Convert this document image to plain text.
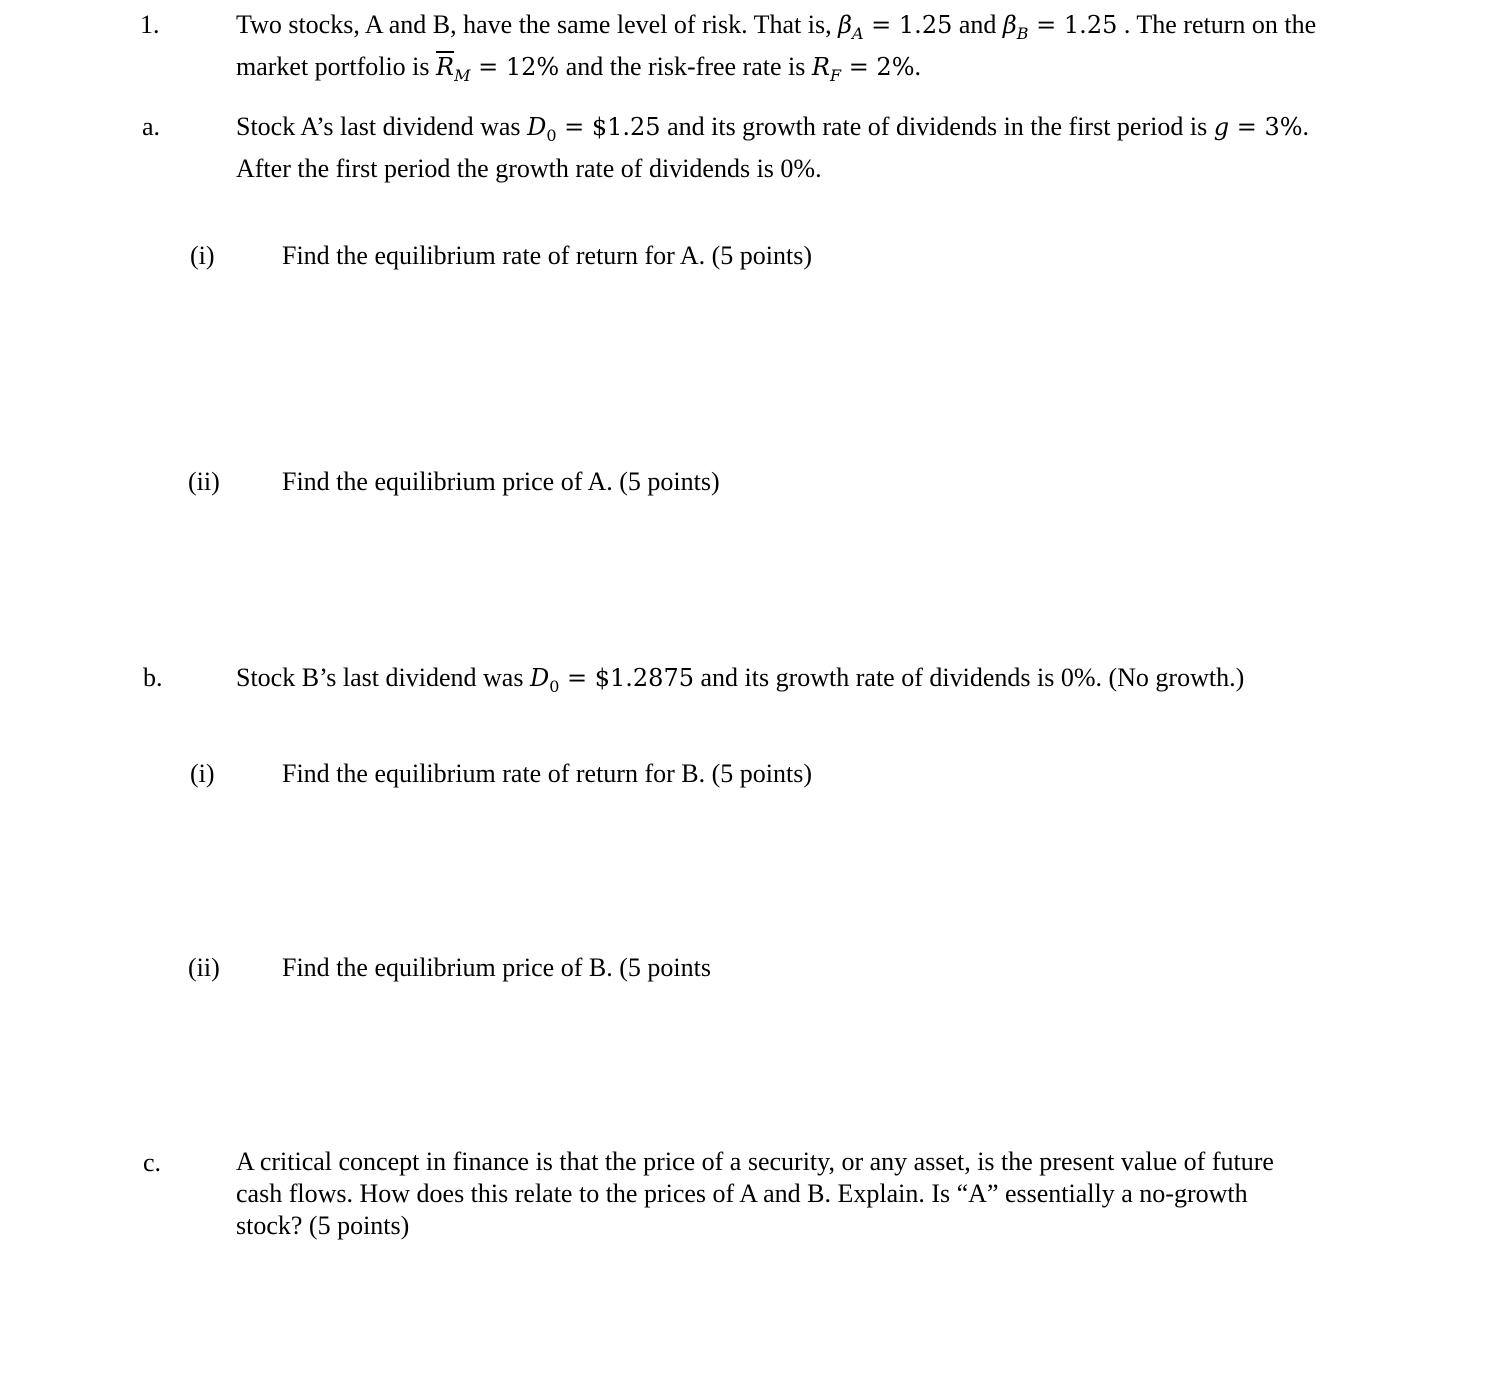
1.	Two stocks, A and B, have the same level of risk. That is, $\beta_A = 1.25$ and $\beta_B = 1.25$ . The return on the market portfolio is $\overline{R}_M = 12\%$ and the risk-free rate is $R_F = 2\%$.
a.	Stock A’s last dividend was $D_0$ = $1.25 and its growth rate of dividends in the first period is g = 3%. After the first period the growth rate of dividends is 0%.
(i)	Find the equilibrium rate of return for A. (5 points)
(ii) Find the equilibrium price of A. (5 points)
b.	Stock B’s last dividend was $D_0$ = $1.2875 and its growth rate of dividends is 0%. (No growth.)
(i)	Find the equilibrium rate of return for B. (5 points)
(ii) Find the equilibrium price of B. (5 points
c.	A critical concept in finance is that the price of a security, or any asset, is the present value of future cash flows. How does this relate to the prices of A and B. Explain. Is “A” essentially a no-growth stock? (5 points)
